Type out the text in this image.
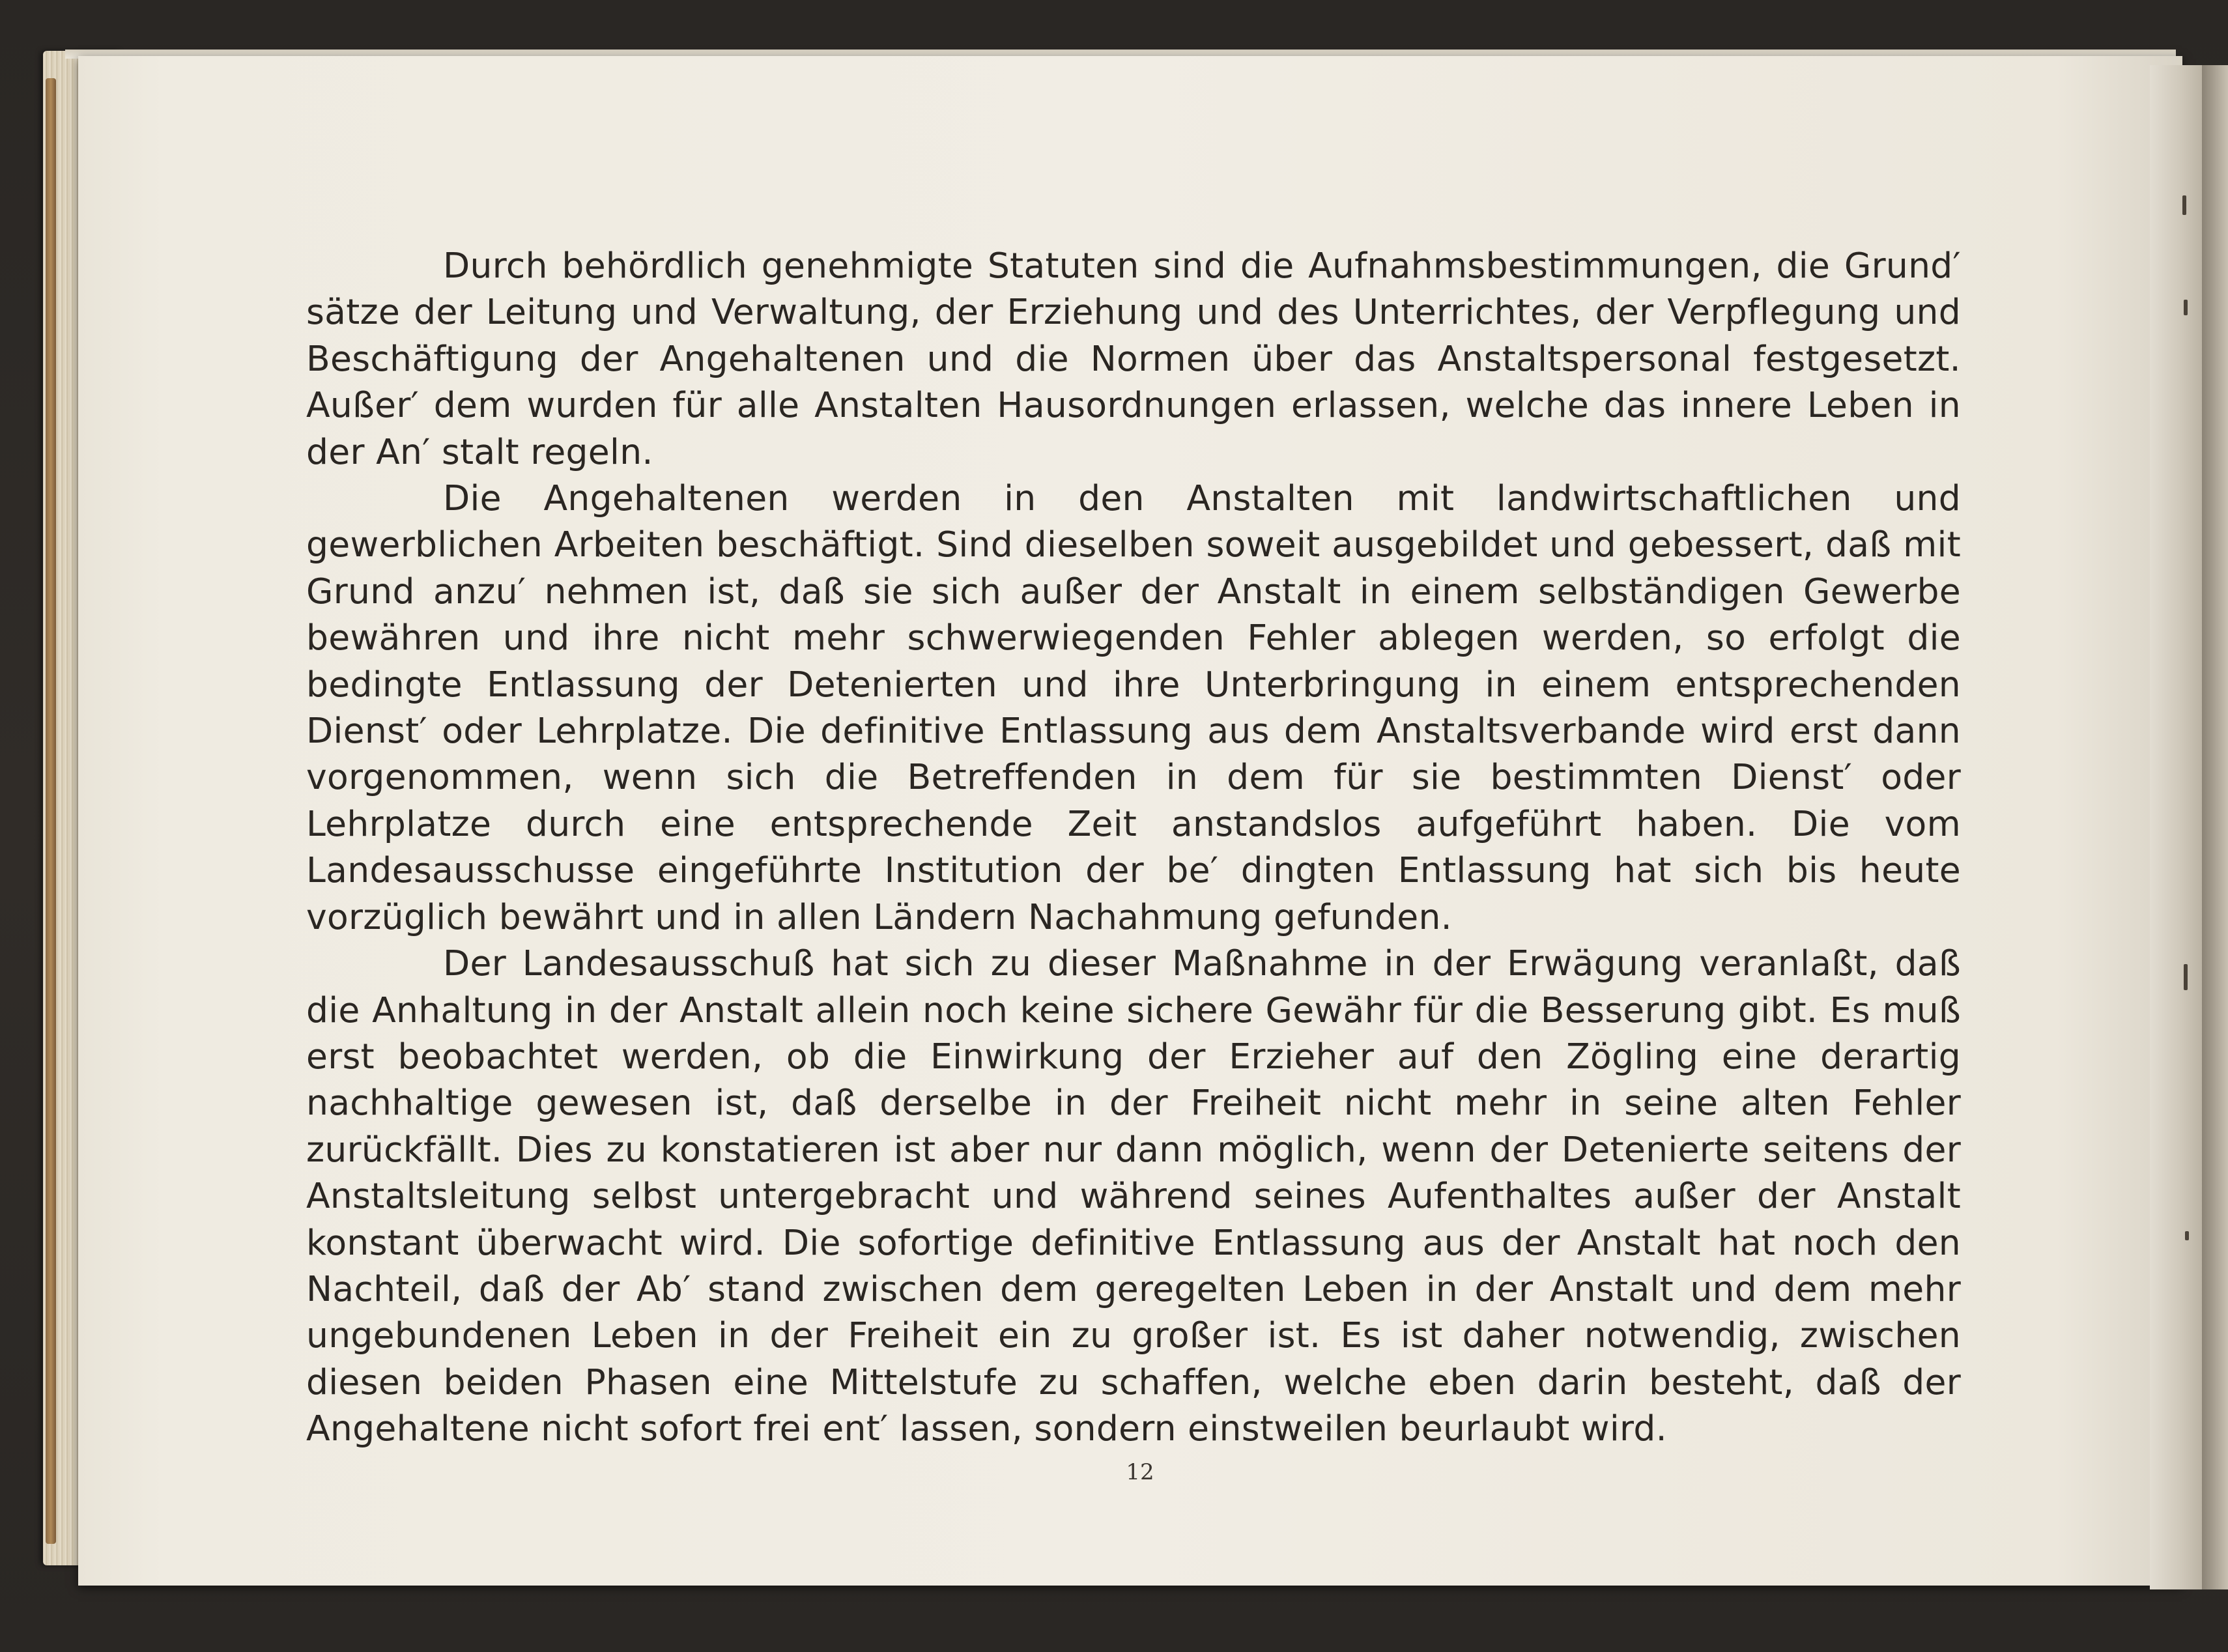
Durch behördlich genehmigte Statuten sind die Aufnahmsbestimmungen, die Grund′ sätze der Leitung und Verwaltung, der Erziehung und des Unterrichtes, der Verpflegung und Beschäftigung der Angehaltenen und die Normen über das Anstaltspersonal festgesetzt. Außer′ dem wurden für alle Anstalten Hausordnungen erlassen, welche das innere Leben in der An′ stalt regeln.

Die Angehaltenen werden in den Anstalten mit landwirtschaftlichen und gewerblichen Arbeiten beschäftigt. Sind dieselben soweit ausgebildet und gebessert, daß mit Grund anzu′ nehmen ist, daß sie sich außer der Anstalt in einem selbständigen Gewerbe bewähren und ihre nicht mehr schwerwiegenden Fehler ablegen werden, so erfolgt die bedingte Entlassung der Detenierten und ihre Unterbringung in einem entsprechenden Dienst′ oder Lehrplatze. Die definitive Entlassung aus dem Anstaltsverbande wird erst dann vorgenommen, wenn sich die Betreffenden in dem für sie bestimmten Dienst′ oder Lehrplatze durch eine entsprechende Zeit anstandslos aufgeführt haben. Die vom Landesausschusse eingeführte Institution der be′ dingten Entlassung hat sich bis heute vorzüglich bewährt und in allen Ländern Nachahmung gefunden.

Der Landesausschuß hat sich zu dieser Maßnahme in der Erwägung veranlaßt, daß die Anhaltung in der Anstalt allein noch keine sichere Gewähr für die Besserung gibt. Es muß erst beobachtet werden, ob die Einwirkung der Erzieher auf den Zögling eine derartig nachhaltige gewesen ist, daß derselbe in der Freiheit nicht mehr in seine alten Fehler zurückfällt. Dies zu konstatieren ist aber nur dann möglich, wenn der Detenierte seitens der Anstaltsleitung selbst untergebracht und während seines Aufenthaltes außer der Anstalt konstant überwacht wird. Die sofortige definitive Entlassung aus der Anstalt hat noch den Nachteil, daß der Ab′ stand zwischen dem geregelten Leben in der Anstalt und dem mehr ungebundenen Leben in der Freiheit ein zu großer ist. Es ist daher notwendig, zwischen diesen beiden Phasen eine Mittelstufe zu schaffen, welche eben darin besteht, daß der Angehaltene nicht sofort frei ent′ lassen, sondern einstweilen beurlaubt wird.

12
